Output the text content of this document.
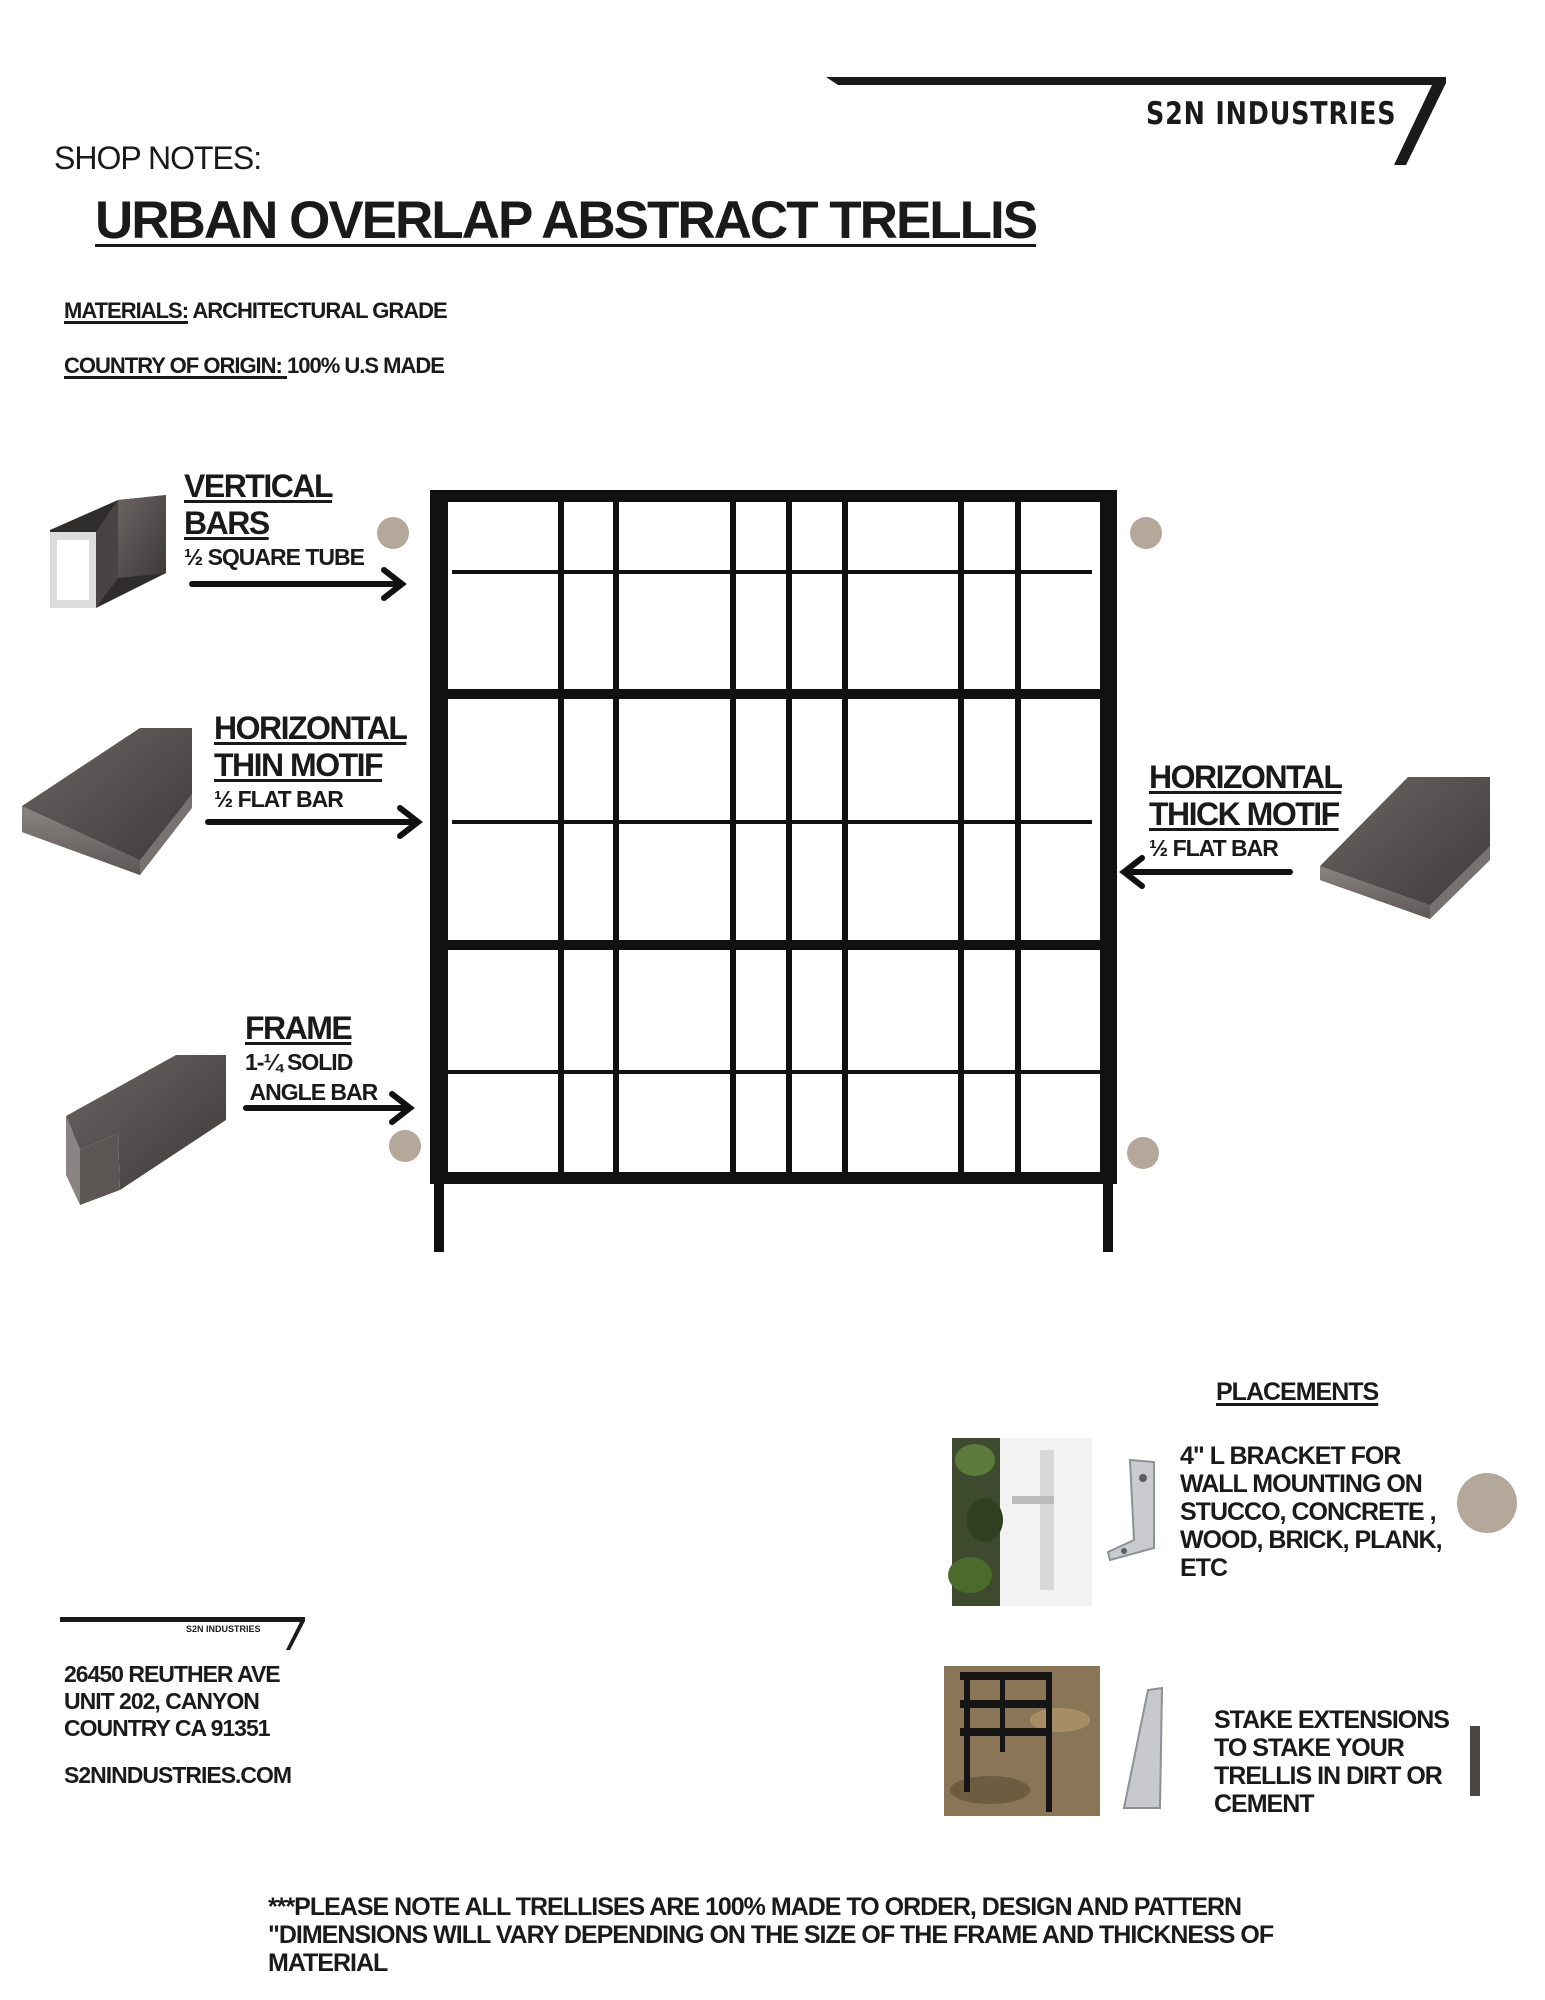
S2N INDUSTRIES
SHOP NOTES:
URBAN OVERLAP ABSTRACT TRELLIS
MATERIALS: ARCHITECTURAL GRADE
COUNTRY OF ORIGIN: 100% U.S MADE
VERTICAL
BARS
½ SQUARE TUBE
HORIZONTAL
THIN MOTIF
½ FLAT BAR
HORIZONTAL
THICK MOTIF
½ FLAT BAR
FRAME
1-¼ SOLID
ANGLE BAR
PLACEMENTS
4" L BRACKET FOR
WALL MOUNTING ON
STUCCO, CONCRETE ,
WOOD, BRICK, PLANK,
ETC
STAKE EXTENSIONS
TO STAKE YOUR
TRELLIS IN DIRT OR
CEMENT
S2N INDUSTRIES
26450 REUTHER AVE
UNIT 202, CANYON
COUNTRY CA 91351
S2NINDUSTRIES.COM
***PLEASE NOTE ALL TRELLISES ARE 100% MADE TO ORDER, DESIGN AND PATTERN
"DIMENSIONS WILL VARY DEPENDING ON THE SIZE OF THE FRAME AND THICKNESS OF
MATERIAL
